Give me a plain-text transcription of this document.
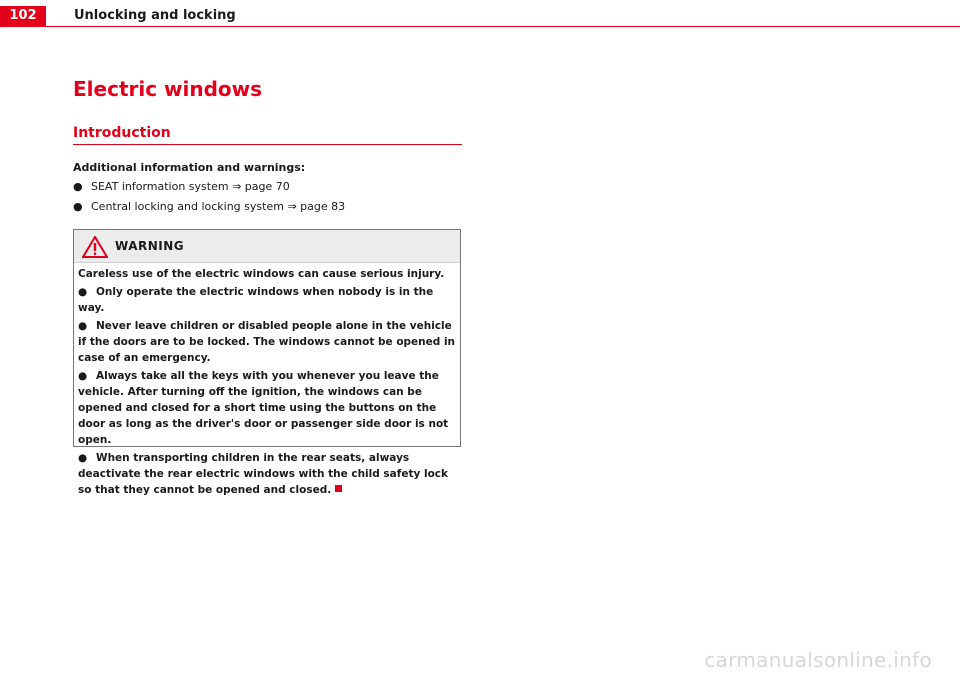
102	Unlocking and locking
Electric windows
Introduction
Additional information and warnings:
● SEAT information system ⇒ page 70
● Central locking and locking system ⇒ page 83
WARNING

Careless use of the electric windows can cause serious injury.

● Only operate the electric windows when nobody is in the way.

● Never leave children or disabled people alone in the vehicle if the doors are to be locked. The windows cannot be opened in case of an emergency.

● Always take all the keys with you whenever you leave the vehicle. After turning off the ignition, the windows can be opened and closed for a short time using the buttons on the door as long as the driver's door or passenger side door is not open.

● When transporting children in the rear seats, always deactivate the rear electric windows with the child safety lock so that they cannot be opened and closed.

carmanualsonline.info
